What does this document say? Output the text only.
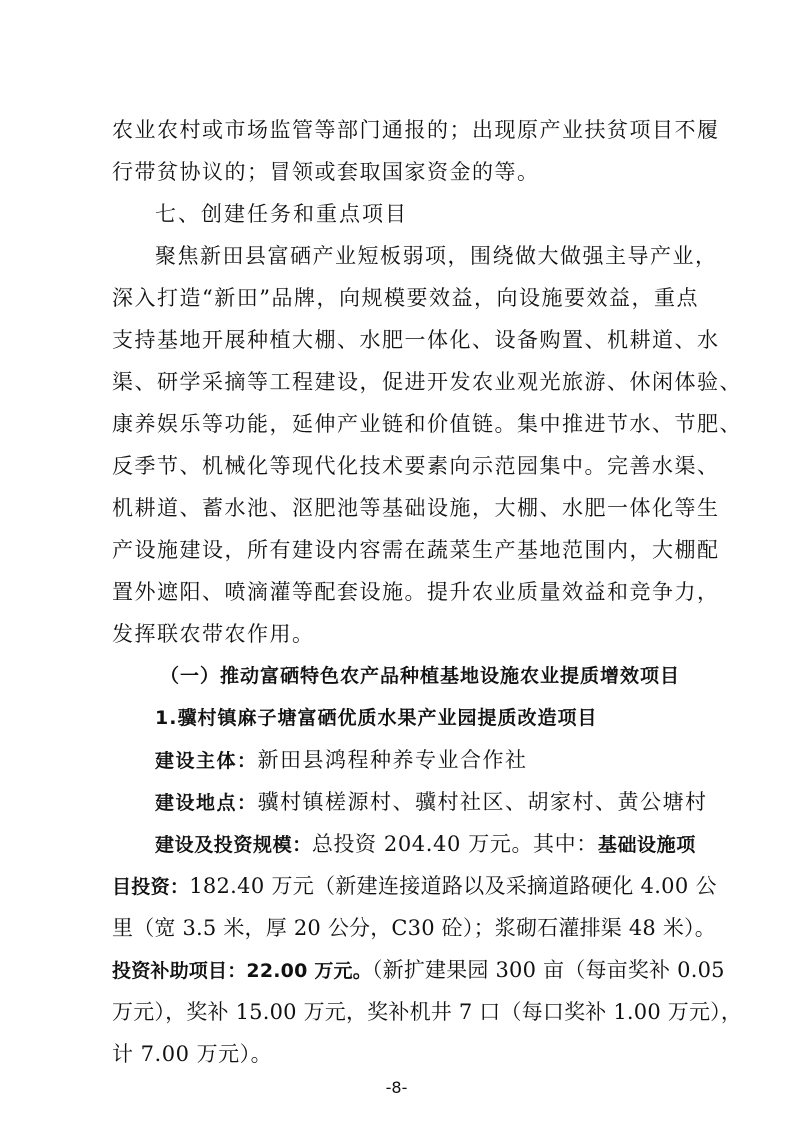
农业农村或市场监管等部门通报的；出现原产业扶贫项目不履
行带贫协议的；冒领或套取国家资金的等。
七、创建任务和重点项目
聚焦新田县富硒产业短板弱项，围绕做大做强主导产业，
深入打造“新田”品牌，向规模要效益，向设施要效益，重点
支持基地开展种植大棚、水肥一体化、设备购置、机耕道、水
渠、研学采摘等工程建设，促进开发农业观光旅游、休闲体验、
康养娱乐等功能，延伸产业链和价值链。集中推进节水、节肥、
反季节、机械化等现代化技术要素向示范园集中。完善水渠、
机耕道、蓄水池、沤肥池等基础设施，大棚、水肥一体化等生
产设施建设，所有建设内容需在蔬菜生产基地范围内，大棚配
置外遮阳、喷滴灌等配套设施。提升农业质量效益和竞争力，
发挥联农带农作用。
（一）推动富硒特色农产品种植基地设施农业提质增效项目
1.骥村镇麻子塘富硒优质水果产业园提质改造项目
建设主体：新田县鸿程种养专业合作社
建设地点：骥村镇槎源村、骥村社区、胡家村、黄公塘村
建设及投资规模：总投资 204.40 万元。其中：基础设施项
目投资：182.40 万元（新建连接道路以及采摘道路硬化 4.00 公
里（宽 3.5 米，厚 20 公分，C30 砼）；浆砌石灌排渠 48 米）。
投资补助项目：22.00 万元。（新扩建果园 300 亩（每亩奖补 0.05
万元），奖补 15.00 万元，奖补机井 7 口（每口奖补 1.00 万元），
计 7.00 万元）。
-8-
